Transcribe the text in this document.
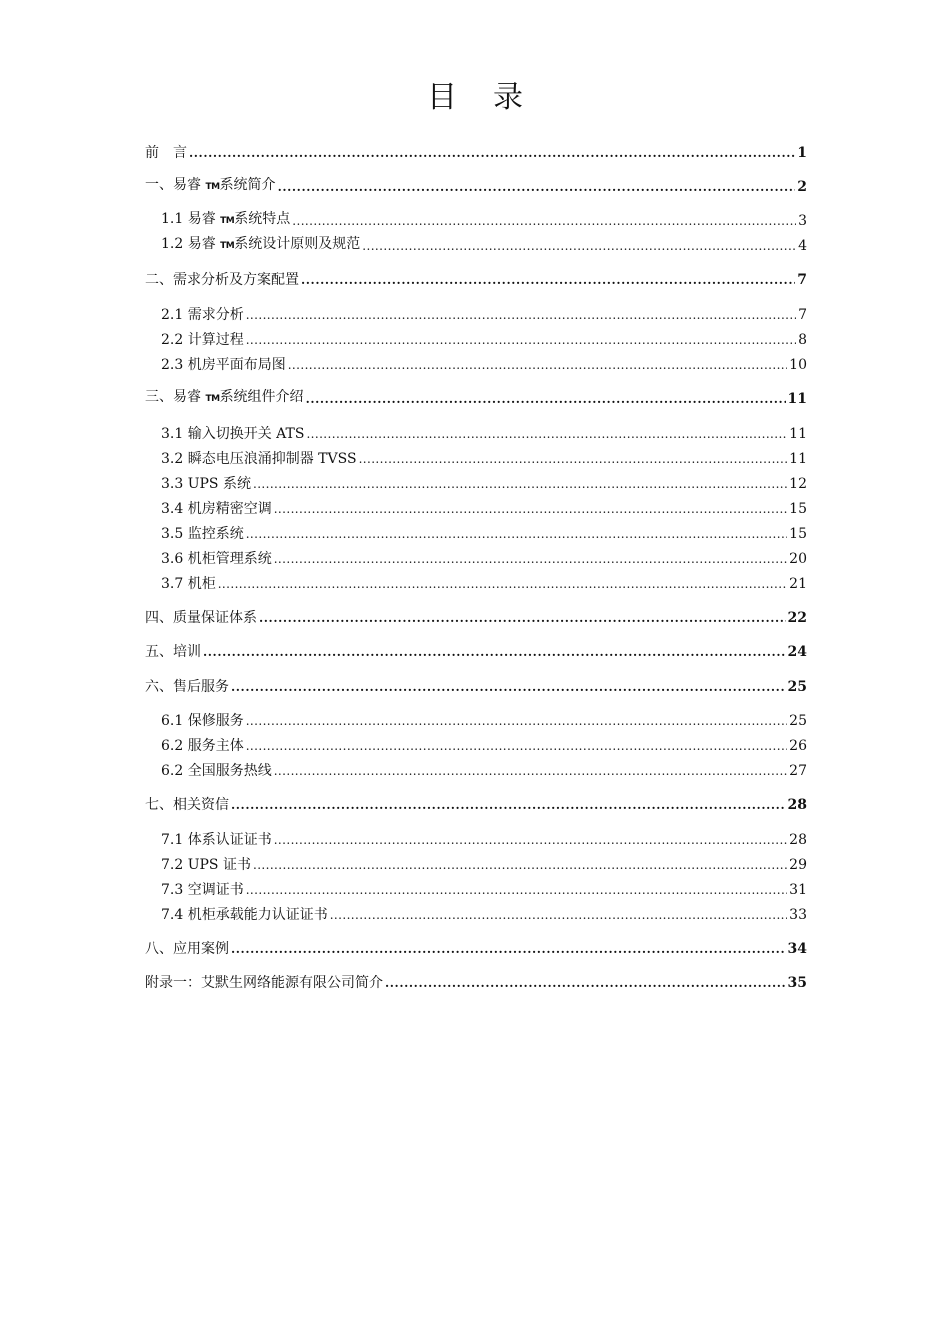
目 录
前　言 .....	1
一、易睿 TM系统简介 .....	2
1.1 易睿 TM系统特点 .....	3
1.2 易睿 TM系统设计原则及规范 .....	4
二、需求分析及方案配置 .....	7
2.1 需求分析 .....	7
2.2 计算过程 .....	8
2.3 机房平面布局图 .....	10
三、易睿 TM系统组件介绍 .....	11
3.1 输入切换开关 ATS .....	11
3.2 瞬态电压浪涌抑制器 TVSS .....	11
3.3 UPS 系统 .....	12
3.4 机房精密空调 .....	15
3.5 监控系统 .....	15
3.6 机柜管理系统 .....	20
3.7 机柜 .....	21
四、质量保证体系 .....	22
五、培训 .....	24
六、售后服务 .....	25
6.1 保修服务 .....	25
6.2 服务主体 .....	26
6.2 全国服务热线 .....	27
七、相关资信 .....	28
7.1 体系认证证书 .....	28
7.2 UPS 证书 .....	29
7.3 空调证书 .....	31
7.4 机柜承载能力认证证书 .....	33
八、应用案例 .....	34
附录一：艾默生网络能源有限公司简介 .....	35
